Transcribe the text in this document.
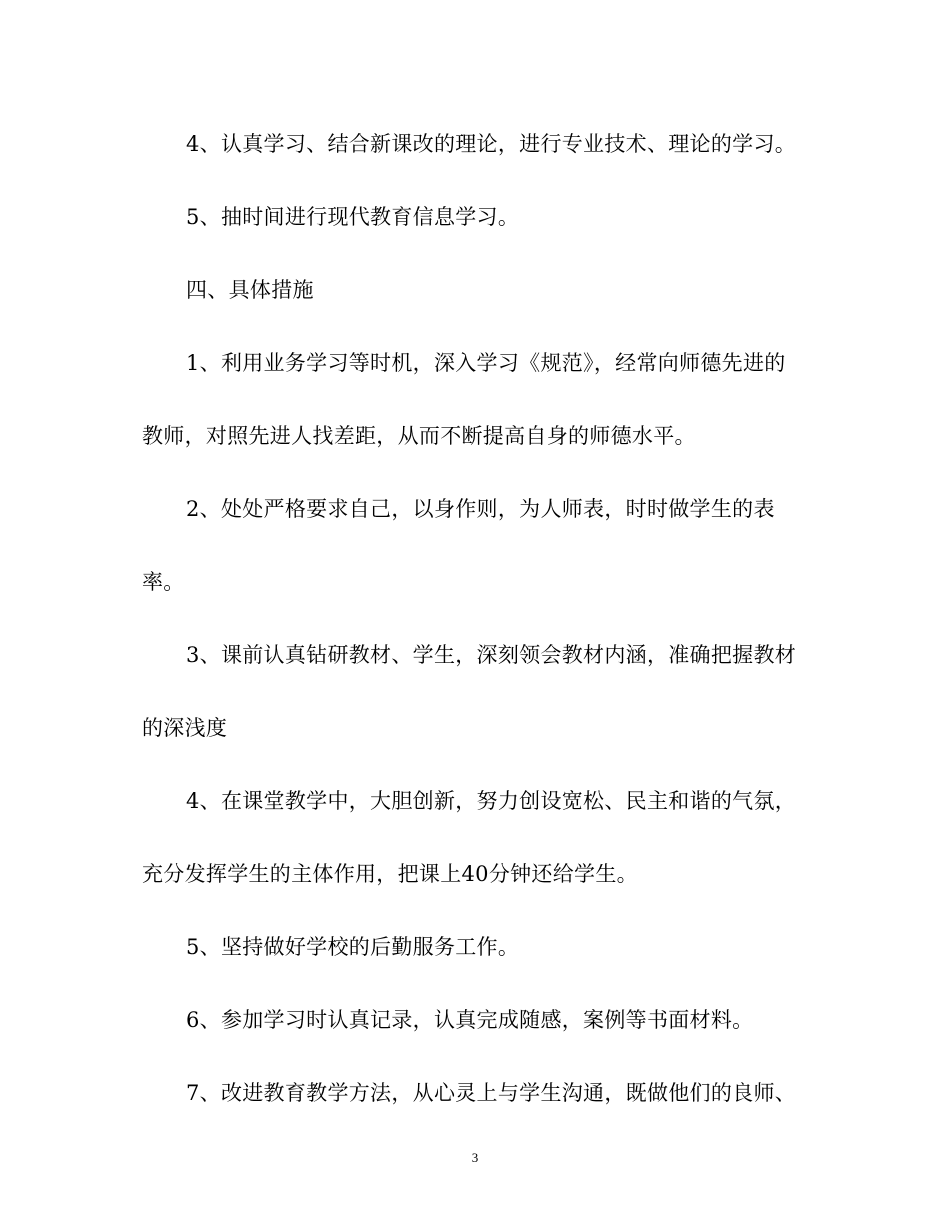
4、认真学习、结合新课改的理论，进行专业技术、理论的学习。
5、抽时间进行现代教育信息学习。
四、具体措施
1、利用业务学习等时机，深入学习《规范》，经常向师德先进的
教师，对照先进人找差距，从而不断提高自身的师德水平。
2、处处严格要求自己，以身作则，为人师表，时时做学生的表
率。
3、课前认真钻研教材、学生，深刻领会教材内涵，准确把握教材
的深浅度
4、在课堂教学中，大胆创新，努力创设宽松、民主和谐的气氛，
充分发挥学生的主体作用，把课上40分钟还给学生。
5、坚持做好学校的后勤服务工作。
6、参加学习时认真记录，认真完成随感，案例等书面材料。
7、改进教育教学方法，从心灵上与学生沟通，既做他们的良师、
3
